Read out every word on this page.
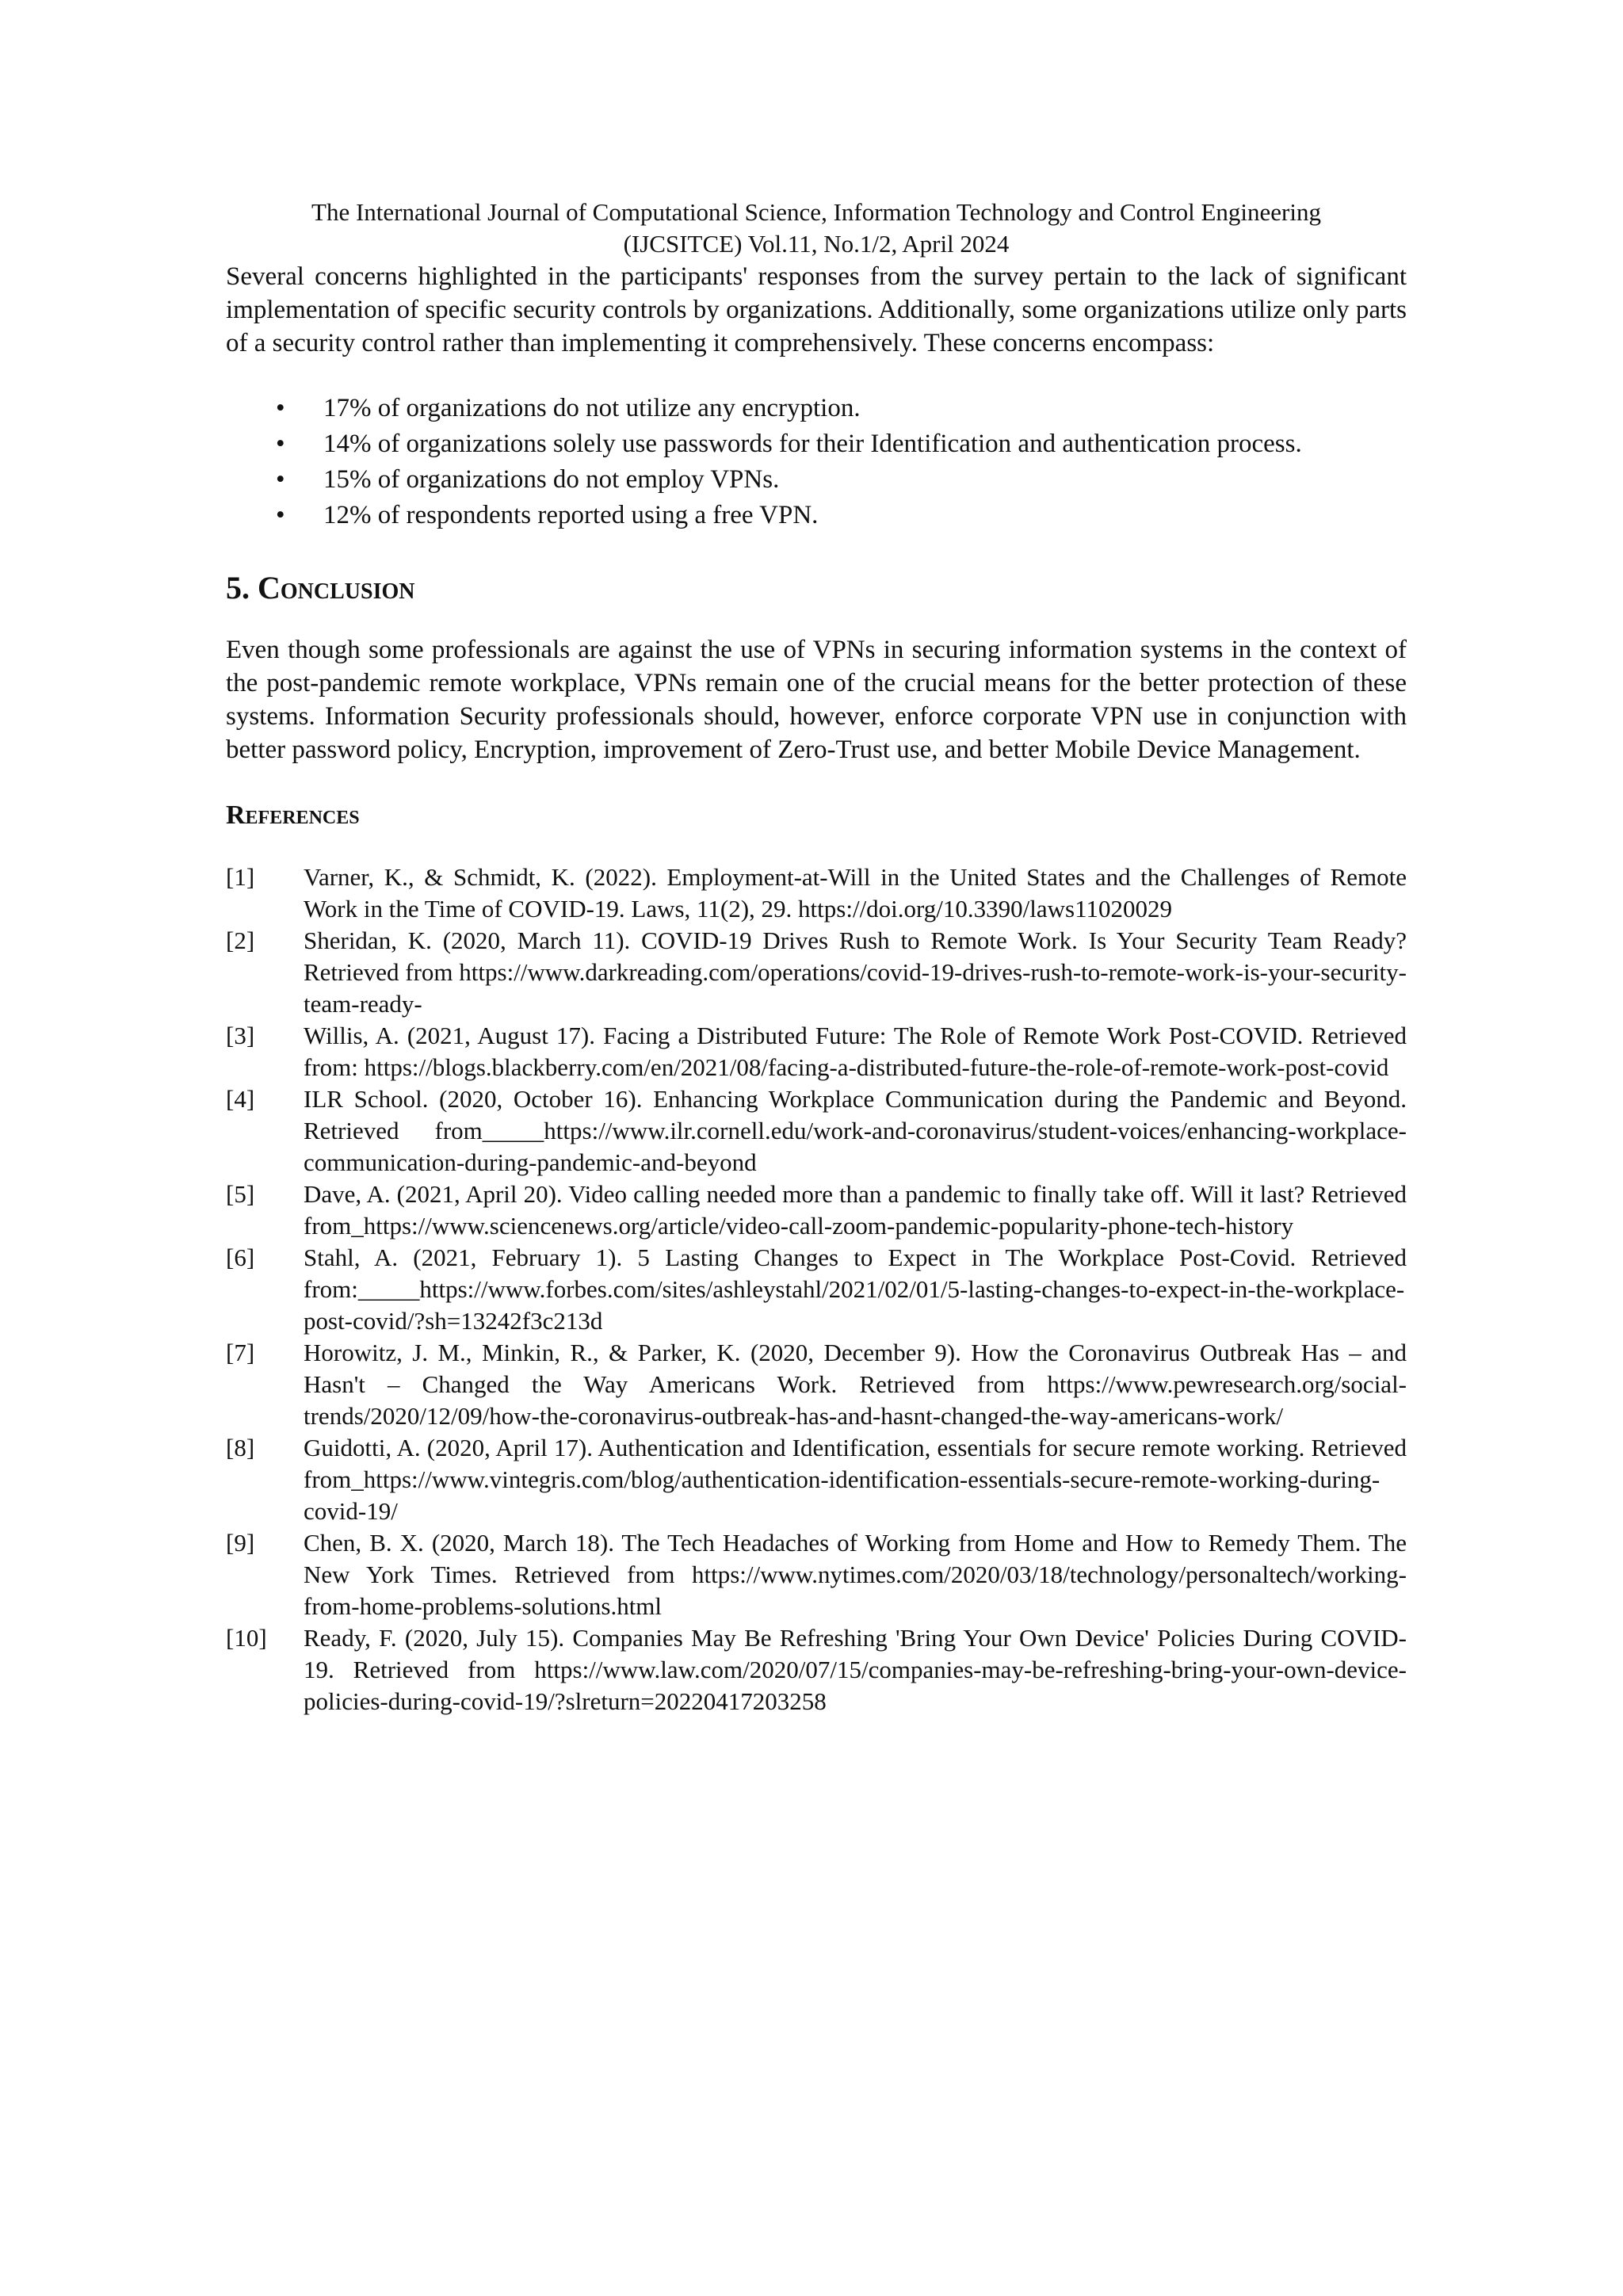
The International Journal of Computational Science, Information Technology and Control Engineering
(IJCSITCE) Vol.11, No.1/2, April 2024

Several concerns highlighted in the participants' responses from the survey pertain to the lack of significant implementation of specific security controls by organizations. Additionally, some organizations utilize only parts of a security control rather than implementing it comprehensively. These concerns encompass:

• 17% of organizations do not utilize any encryption.
• 14% of organizations solely use passwords for their Identification and authentication process.
• 15% of organizations do not employ VPNs.
• 12% of respondents reported using a free VPN.
5. Conclusion

Even though some professionals are against the use of VPNs in securing information systems in the context of the post-pandemic remote workplace, VPNs remain one of the crucial means for the better protection of these systems. Information Security professionals should, however, enforce corporate VPN use in conjunction with better password policy, Encryption, improvement of Zero-Trust use, and better Mobile Device Management.

References
[1] Varner, K., & Schmidt, K. (2022). Employment-at-Will in the United States and the Challenges of Remote Work in the Time of COVID-19. Laws, 11(2), 29. https://doi.org/10.3390/laws11020029
[2] Sheridan, K. (2020, March 11). COVID-19 Drives Rush to Remote Work. Is Your Security Team Ready? Retrieved from https://www.darkreading.com/operations/covid-19-drives-rush-to-remote-work-is-your-security-team-ready-
[3] Willis, A. (2021, August 17). Facing a Distributed Future: The Role of Remote Work Post-COVID. Retrieved from: https://blogs.blackberry.com/en/2021/08/facing-a-distributed-future-the-role-of-remote-work-post-covid
[4] ILR School. (2020, October 16). Enhancing Workplace Communication during the Pandemic and Beyond. Retrieved from_____https://www.ilr.cornell.edu/work-and-coronavirus/student-voices/enhancing-workplace-communication-during-pandemic-and-beyond
[5] Dave, A. (2021, April 20). Video calling needed more than a pandemic to finally take off. Will it last? Retrieved from_https://www.sciencenews.org/article/video-call-zoom-pandemic-popularity-phone-tech-history
[6] Stahl, A. (2021, February 1). 5 Lasting Changes to Expect in The Workplace Post-Covid. Retrieved from:_____https://www.forbes.com/sites/ashleystahl/2021/02/01/5-lasting-changes-to-expect-in-the-workplace-post-covid/?sh=13242f3c213d
[7] Horowitz, J. M., Minkin, R., & Parker, K. (2020, December 9). How the Coronavirus Outbreak Has – and Hasn't – Changed the Way Americans Work. Retrieved from https://www.pewresearch.org/social-trends/2020/12/09/how-the-coronavirus-outbreak-has-and-hasnt-changed-the-way-americans-work/
[8] Guidotti, A. (2020, April 17). Authentication and Identification, essentials for secure remote working. Retrieved from_https://www.vintegris.com/blog/authentication-identification-essentials-secure-remote-working-during-covid-19/
[9] Chen, B. X. (2020, March 18). The Tech Headaches of Working from Home and How to Remedy Them. The New York Times. Retrieved from https://www.nytimes.com/2020/03/18/technology/personaltech/working-from-home-problems-solutions.html
[10] Ready, F. (2020, July 15). Companies May Be Refreshing 'Bring Your Own Device' Policies During COVID-19. Retrieved from https://www.law.com/2020/07/15/companies-may-be-refreshing-bring-your-own-device-policies-during-covid-19/?slreturn=20220417203258
